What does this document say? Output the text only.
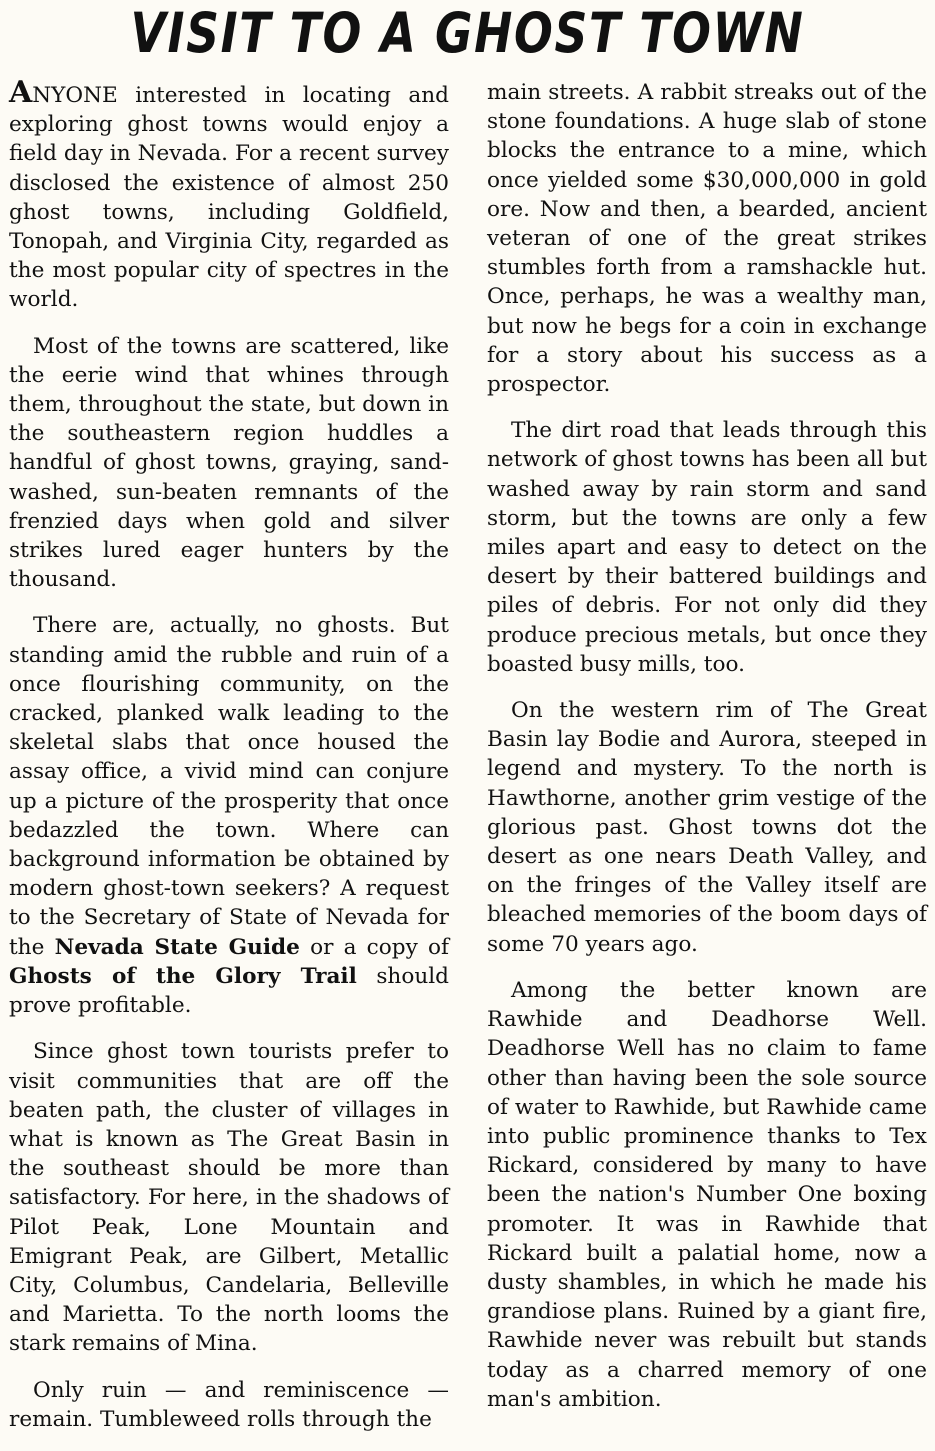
VISIT TO A GHOST TOWN

ANYONE interested in locating and exploring ghost towns would enjoy a field day in Nevada. For a recent survey disclosed the existence of almost 250 ghost towns, including Goldfield, Tonopah, and Virginia City, regarded as the most popular city of spectres in the world.

Most of the towns are scattered, like the eerie wind that whines through them, throughout the state, but down in the southeastern region huddles a handful of ghost towns, graying, sand-washed, sun-beaten remnants of the frenzied days when gold and silver strikes lured eager hunters by the thousand.

There are, actually, no ghosts. But standing amid the rubble and ruin of a once flourishing community, on the cracked, planked walk leading to the skeletal slabs that once housed the assay office, a vivid mind can conjure up a picture of the prosperity that once bedazzled the town. Where can background information be obtained by modern ghost-town seekers? A request to the Secretary of State of Nevada for the Nevada State Guide or a copy of Ghosts of the Glory Trail should prove profitable.

Since ghost town tourists prefer to visit communities that are off the beaten path, the cluster of villages in what is known as The Great Basin in the southeast should be more than satisfactory. For here, in the shadows of Pilot Peak, Lone Mountain and Emigrant Peak, are Gilbert, Metallic City, Columbus, Candelaria, Belleville and Marietta. To the north looms the stark remains of Mina.

Only ruin — and reminiscence — remain. Tumbleweed rolls through the

main streets. A rabbit streaks out of the stone foundations. A huge slab of stone blocks the entrance to a mine, which once yielded some $30,000,000 in gold ore. Now and then, a bearded, ancient veteran of one of the great strikes stumbles forth from a ramshackle hut. Once, perhaps, he was a wealthy man, but now he begs for a coin in exchange for a story about his success as a prospector.

The dirt road that leads through this network of ghost towns has been all but washed away by rain storm and sand storm, but the towns are only a few miles apart and easy to detect on the desert by their battered buildings and piles of debris. For not only did they produce precious metals, but once they boasted busy mills, too.

On the western rim of The Great Basin lay Bodie and Aurora, steeped in legend and mystery. To the north is Hawthorne, another grim vestige of the glorious past. Ghost towns dot the desert as one nears Death Valley, and on the fringes of the Valley itself are bleached memories of the boom days of some 70 years ago.

Among the better known are Rawhide and Deadhorse Well. Deadhorse Well has no claim to fame other than having been the sole source of water to Rawhide, but Rawhide came into public prominence thanks to Tex Rickard, considered by many to have been the nation's Number One boxing promoter. It was in Rawhide that Rickard built a palatial home, now a dusty shambles, in which he made his grandiose plans. Ruined by a giant fire, Rawhide never was rebuilt but stands today as a charred memory of one man's ambition.
